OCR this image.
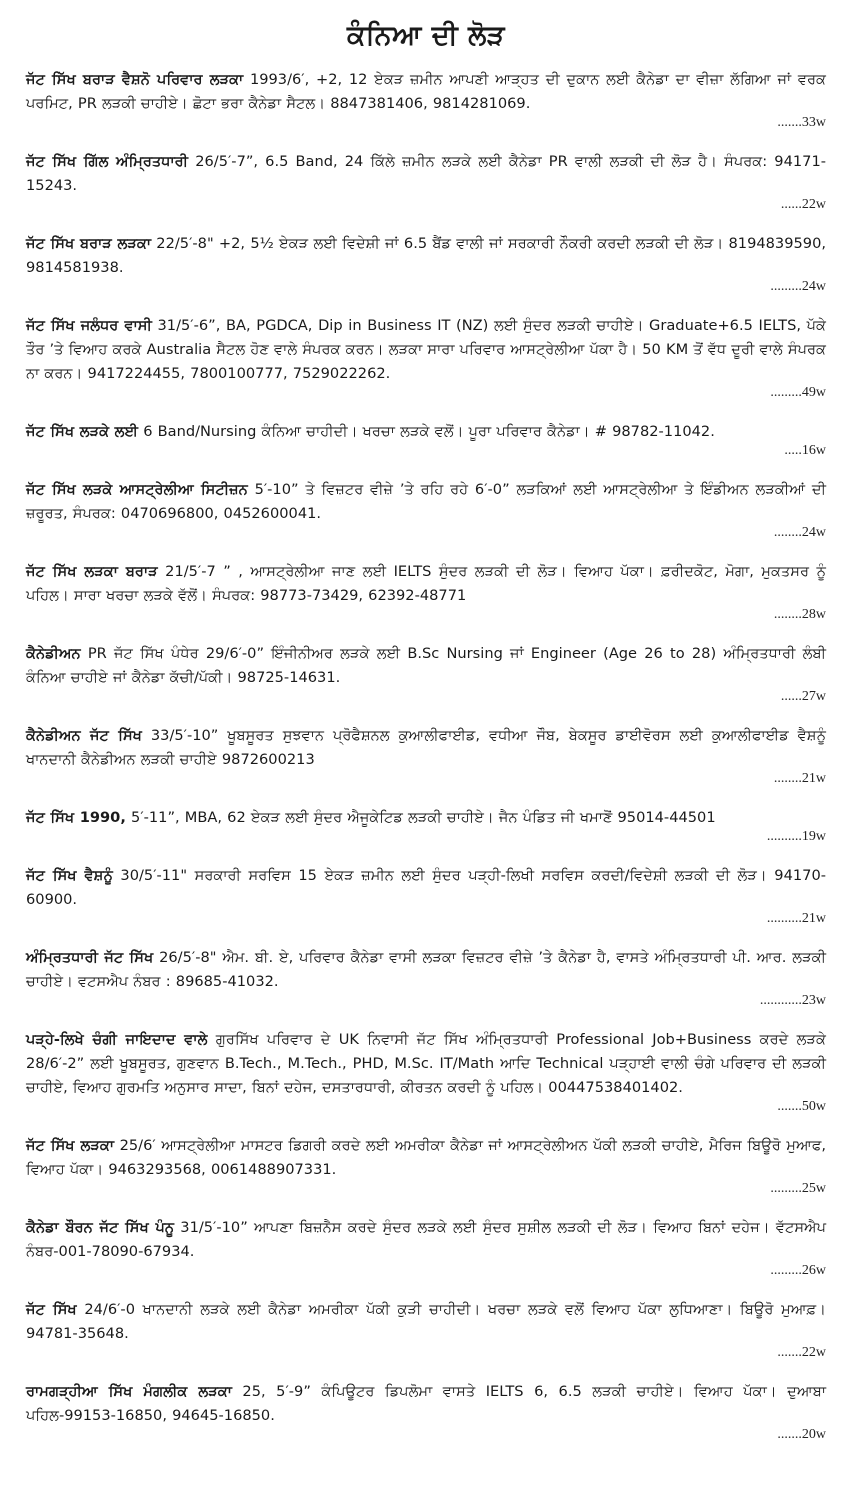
ਕੰਨਿਆ ਦੀ ਲੋੜ
ਜੱਟ ਸਿੱਖ ਬਰਾੜ ਵੈਸ਼ਨੋ ਪਰਿਵਾਰ ਲੜਕਾ 1993/6′, +2, 12 ਏਕੜ ਜ਼ਮੀਨ ਆਪਣੀ ਆੜ੍ਹਤ ਦੀ ਦੁਕਾਨ ਲਈ ਕੈਨੇਡਾ ਦਾ ਵੀਜ਼ਾ ਲੱਗਿਆ ਜਾਂ ਵਰਕ ਪਰਮਿਟ, PR ਲੜਕੀ ਚਾਹੀਏ। ਛੋਟਾ ਭਰਾ ਕੈਨੇਡਾ ਸੈਟਲ। 8847381406, 9814281069.
.......33w
ਜੱਟ ਸਿੱਖ ਗਿੱਲ ਅੰਮ੍ਰਿਤਧਾਰੀ 26/5′-7”, 6.5 Band, 24 ਕਿੱਲੇ ਜ਼ਮੀਨ ਲੜਕੇ ਲਈ ਕੈਨੇਡਾ PR ਵਾਲੀ ਲੜਕੀ ਦੀ ਲੋੜ ਹੈ। ਸੰਪਰਕ: 94171-15243.
......22w
ਜੱਟ ਸਿੱਖ ਬਰਾੜ ਲੜਕਾ 22/5′-8" +2, 5½ ਏਕੜ ਲਈ ਵਿਦੇਸ਼ੀ ਜਾਂ 6.5 ਬੈਂਡ ਵਾਲੀ ਜਾਂ ਸਰਕਾਰੀ ਨੌਕਰੀ ਕਰਦੀ ਲੜਕੀ ਦੀ ਲੋੜ। 8194839590, 9814581938.
.........24w
ਜੱਟ ਸਿੱਖ ਜਲੰਧਰ ਵਾਸੀ 31/5′-6”, BA, PGDCA, Dip in Business IT (NZ) ਲਈ ਸੁੰਦਰ ਲੜਕੀ ਚਾਹੀਏ। Graduate+6.5 IELTS, ਪੱਕੇ ਤੌਰ ’ਤੇ ਵਿਆਹ ਕਰਕੇ Australia ਸੈਟਲ ਹੋਣ ਵਾਲੇ ਸੰਪਰਕ ਕਰਨ। ਲੜਕਾ ਸਾਰਾ ਪਰਿਵਾਰ ਆਸਟ੍ਰੇਲੀਆ ਪੱਕਾ ਹੈ। 50 KM ਤੋਂ ਵੱਧ ਦੂਰੀ ਵਾਲੇ ਸੰਪਰਕ ਨਾ ਕਰਨ। 9417224455, 7800100777, 7529022262.
.........49w
ਜੱਟ ਸਿੱਖ ਲੜਕੇ ਲਈ 6 Band/Nursing ਕੰਨਿਆ ਚਾਹੀਦੀ। ਖਰਚਾ ਲੜਕੇ ਵਲੋਂ। ਪੂਰਾ ਪਰਿਵਾਰ ਕੈਨੇਡਾ। # 98782-11042.
.....16w
ਜੱਟ ਸਿੱਖ ਲੜਕੇ ਆਸਟ੍ਰੇਲੀਆ ਸਿਟੀਜ਼ਨ 5′-10” ਤੇ ਵਿਜ਼ਟਰ ਵੀਜ਼ੇ ’ਤੇ ਰਹਿ ਰਹੇ 6′-0” ਲੜਕਿਆਂ ਲਈ ਆਸਟ੍ਰੇਲੀਆ ਤੇ ਇੰਡੀਅਨ ਲੜਕੀਆਂ ਦੀ ਜ਼ਰੂਰਤ, ਸੰਪਰਕ: 0470696800, 0452600041.
........24w
ਜੱਟ ਸਿੱਖ ਲੜਕਾ ਬਰਾੜ 21/5′-7 ” , ਆਸਟ੍ਰੇਲੀਆ ਜਾਣ ਲਈ IELTS ਸੁੰਦਰ ਲੜਕੀ ਦੀ ਲੋੜ। ਵਿਆਹ ਪੱਕਾ। ਫ਼ਰੀਦਕੋਟ, ਮੋਗਾ, ਮੁਕਤਸਰ ਨੂੰ ਪਹਿਲ। ਸਾਰਾ ਖਰਚਾ ਲੜਕੇ ਵੱਲੋਂ। ਸੰਪਰਕ: 98773-73429, 62392-48771
........28w
ਕੈਨੇਡੀਅਨ PR ਜੱਟ ਸਿੱਖ ਪੰਧੇਰ 29/6′-0” ਇੰਜੀਨੀਅਰ ਲੜਕੇ ਲਈ B.Sc Nursing ਜਾਂ Engineer (Age 26 to 28) ਅੰਮ੍ਰਿਤਧਾਰੀ ਲੰਬੀ ਕੰਨਿਆ ਚਾਹੀਏ ਜਾਂ ਕੈਨੇਡਾ ਕੱਚੀ/ਪੱਕੀ। 98725-14631.
......27w
ਕੈਨੇਡੀਅਨ ਜੱਟ ਸਿੱਖ 33/5′-10” ਖੂਬਸੂਰਤ ਸੁਝਵਾਨ ਪ੍ਰੋਫੈਸ਼ਨਲ ਕੁਆਲੀਫਾਈਡ, ਵਧੀਆ ਜੌਬ, ਬੇਕਸੂਰ ਡਾਈਵੋਰਸ ਲਈ ਕੁਆਲੀਫਾਈਡ ਵੈਸ਼ਨੂੰ ਖਾਨਦਾਨੀ ਕੈਨੇਡੀਅਨ ਲੜਕੀ ਚਾਹੀਏ 9872600213
........21w
ਜੱਟ ਸਿੱਖ 1990, 5′-11”, MBA, 62 ਏਕੜ ਲਈ ਸੁੰਦਰ ਐਜੂਕੇਟਿਡ ਲੜਕੀ ਚਾਹੀਏ। ਜੈਨ ਪੰਡਿਤ ਜੀ ਖਮਾਣੋਂ 95014-44501
..........19w
ਜੱਟ ਸਿੱਖ ਵੈਸ਼ਨੂੰ 30/5′-11" ਸਰਕਾਰੀ ਸਰਵਿਸ 15 ਏਕੜ ਜ਼ਮੀਨ ਲਈ ਸੁੰਦਰ ਪੜ੍ਹੀ-ਲਿਖੀ ਸਰਵਿਸ ਕਰਦੀ/ਵਿਦੇਸ਼ੀ ਲੜਕੀ ਦੀ ਲੋੜ। 94170-60900.
..........21w
ਅੰਮ੍ਰਿਤਧਾਰੀ ਜੱਟ ਸਿੱਖ 26/5′-8" ਐਮ. ਬੀ. ਏ, ਪਰਿਵਾਰ ਕੈਨੇਡਾ ਵਾਸੀ ਲੜਕਾ ਵਿਜ਼ਟਰ ਵੀਜ਼ੇ ’ਤੇ ਕੈਨੇਡਾ ਹੈ, ਵਾਸਤੇ ਅੰਮ੍ਰਿਤਧਾਰੀ ਪੀ. ਆਰ. ਲੜਕੀ ਚਾਹੀਏ। ਵਟਸਐਪ ਨੰਬਰ : 89685-41032.
............23w
ਪੜ੍ਹੇ-ਲਿਖੇ ਚੰਗੀ ਜਾਇਦਾਦ ਵਾਲੇ ਗੁਰਸਿੱਖ ਪਰਿਵਾਰ ਦੇ UK ਨਿਵਾਸੀ ਜੱਟ ਸਿੱਖ ਅੰਮ੍ਰਿਤਧਾਰੀ Professional Job+Business ਕਰਦੇ ਲੜਕੇ 28/6′-2” ਲਈ ਖੂਬਸੂਰਤ, ਗੁਣਵਾਨ B.Tech., M.Tech., PHD, M.Sc. IT/Math ਆਦਿ Technical ਪੜ੍ਹਾਈ ਵਾਲੀ ਚੰਗੇ ਪਰਿਵਾਰ ਦੀ ਲੜਕੀ ਚਾਹੀਏ, ਵਿਆਹ ਗੁਰਮਤਿ ਅਨੁਸਾਰ ਸਾਦਾ, ਬਿਨਾਂ ਦਹੇਜ, ਦਸਤਾਰਧਾਰੀ, ਕੀਰਤਨ ਕਰਦੀ ਨੂੰ ਪਹਿਲ। 00447538401402.
.......50w
ਜੱਟ ਸਿੱਖ ਲੜਕਾ 25/6′ ਆਸਟ੍ਰੇਲੀਆ ਮਾਸਟਰ ਡਿਗਰੀ ਕਰਦੇ ਲਈ ਅਮਰੀਕਾ ਕੈਨੇਡਾ ਜਾਂ ਆਸਟ੍ਰੇਲੀਅਨ ਪੱਕੀ ਲੜਕੀ ਚਾਹੀਏ, ਮੈਰਿਜ ਬਿਊਰੋ ਮੁਆਫ, ਵਿਆਹ ਪੱਕਾ। 9463293568, 0061488907331.
.........25w
ਕੈਨੇਡਾ ਬੌਰਨ ਜੱਟ ਸਿੱਖ ਪੰਨੂ 31/5′-10” ਆਪਣਾ ਬਿਜ਼ਨੈਸ ਕਰਦੇ ਸੁੰਦਰ ਲੜਕੇ ਲਈ ਸੁੰਦਰ ਸੁਸ਼ੀਲ ਲੜਕੀ ਦੀ ਲੋੜ। ਵਿਆਹ ਬਿਨਾਂ ਦਹੇਜ। ਵੱਟਸਐਪ ਨੰਬਰ-001-78090-67934.
.........26w
ਜੱਟ ਸਿੱਖ 24/6′-0 ਖਾਨਦਾਨੀ ਲੜਕੇ ਲਈ ਕੈਨੇਡਾ ਅਮਰੀਕਾ ਪੱਕੀ ਕੁੜੀ ਚਾਹੀਦੀ। ਖਰਚਾ ਲੜਕੇ ਵਲੋਂ ਵਿਆਹ ਪੱਕਾ ਲੁਧਿਆਣਾ। ਬਿਊਰੋ ਮੁਆਫ਼। 94781-35648.
.......22w
ਰਾਮਗੜ੍ਹੀਆ ਸਿੱਖ ਮੰਗਲੀਕ ਲੜਕਾ 25, 5′-9” ਕੰਪਿਊਟਰ ਡਿਪਲੋਮਾ ਵਾਸਤੇ IELTS 6, 6.5 ਲੜਕੀ ਚਾਹੀਏ। ਵਿਆਹ ਪੱਕਾ। ਦੁਆਬਾ ਪਹਿਲ-99153-16850, 94645-16850.
.......20w
